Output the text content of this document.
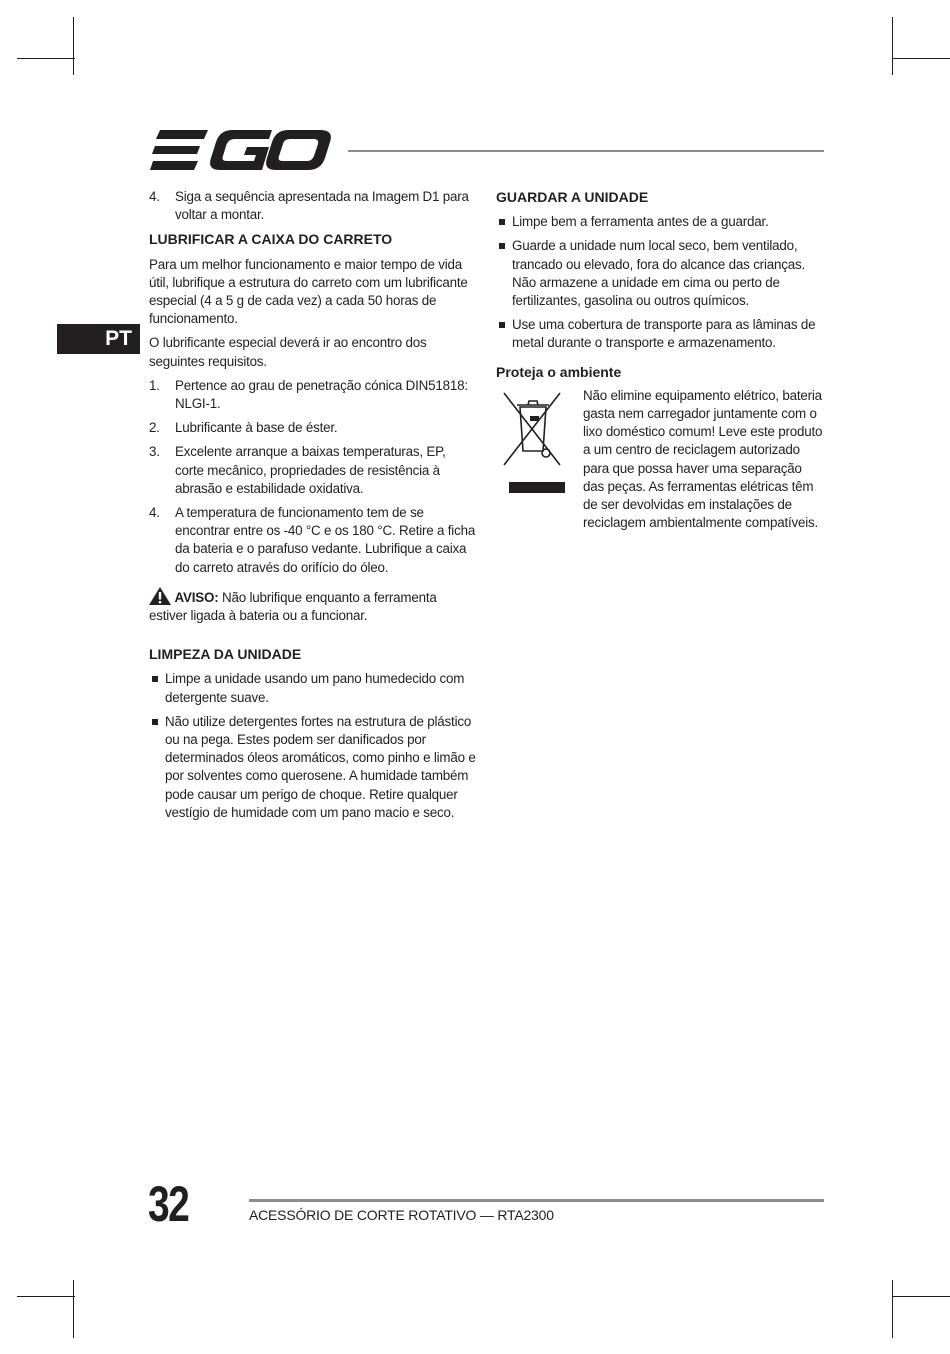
PT
4.	Siga a sequência apresentada na Imagem D1 para voltar a montar.
LUBRIFICAR A CAIXA DO CARRETO

Para um melhor funcionamento e maior tempo de vida útil, lubrifique a estrutura do carreto com um lubrificante especial (4 a 5 g de cada vez) a cada 50 horas de funcionamento.

O lubrificante especial deverá ir ao encontro dos seguintes requisitos.

1.	Pertence ao grau de penetração cónica DIN51818: NLGI-1.
2.	Lubrificante à base de éster.
3.	Excelente arranque a baixas temperaturas, EP, corte mecânico, propriedades de resistência à abrasão e estabilidade oxidativa.
4.	A temperatura de funcionamento tem de se encontrar entre os -40 °C e os 180 °C. Retire a ficha da bateria e o parafuso vedante. Lubrifique a caixa do carreto através do orifício do óleo.
AVISO: Não lubrifique enquanto a ferramenta estiver ligada à bateria ou a funcionar.
LIMPEZA DA UNIDADE
Limpe a unidade usando um pano humedecido com detergente suave.
Não utilize detergentes fortes na estrutura de plástico ou na pega. Estes podem ser danificados por determinados óleos aromáticos, como pinho e limão e por solventes como querosene. A humidade também pode causar um perigo de choque. Retire qualquer vestígio de humidade com um pano macio e seco.
GUARDAR A UNIDADE
Limpe bem a ferramenta antes de a guardar.
Guarde a unidade num local seco, bem ventilado, trancado ou elevado, fora do alcance das crianças. Não armazene a unidade em cima ou perto de fertilizantes, gasolina ou outros químicos.
Use uma cobertura de transporte para as lâminas de metal durante o transporte e armazenamento.
Proteja o ambiente
Não elimine equipamento elétrico, bateria gasta nem carregador juntamente com o lixo doméstico comum! Leve este produto a um centro de reciclagem autorizado para que possa haver uma separação das peças. As ferramentas elétricas têm de ser devolvidas em instalações de reciclagem ambientalmente compatíveis.
32	ACESSÓRIO DE CORTE ROTATIVO — RTA2300
